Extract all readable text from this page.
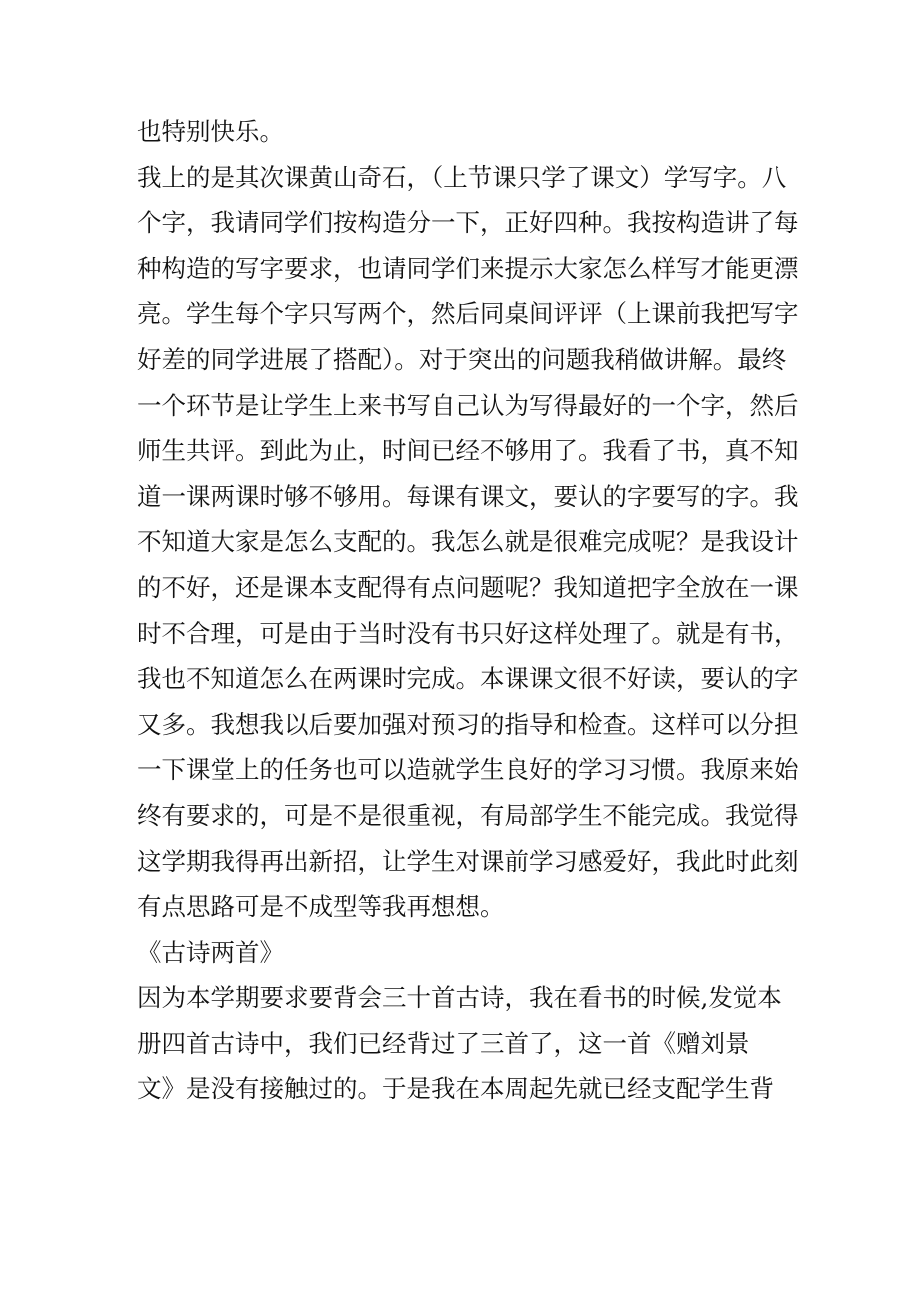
也特别快乐。
我上的是其次课黄山奇石，（上节课只学了课文）学写字。八
个字，我请同学们按构造分一下，正好四种。我按构造讲了每
种构造的写字要求，也请同学们来提示大家怎么样写才能更漂
亮。学生每个字只写两个，然后同桌间评评（上课前我把写字
好差的同学进展了搭配）。对于突出的问题我稍做讲解。最终
一个环节是让学生上来书写自己认为写得最好的一个字，然后
师生共评。到此为止，时间已经不够用了。我看了书，真不知
道一课两课时够不够用。每课有课文，要认的字要写的字。我
不知道大家是怎么支配的。我怎么就是很难完成呢？是我设计
的不好，还是课本支配得有点问题呢？我知道把字全放在一课
时不合理，可是由于当时没有书只好这样处理了。就是有书，
我也不知道怎么在两课时完成。本课课文很不好读，要认的字
又多。我想我以后要加强对预习的指导和检查。这样可以分担
一下课堂上的任务也可以造就学生良好的学习习惯。我原来始
终有要求的，可是不是很重视，有局部学生不能完成。我觉得
这学期我得再出新招，让学生对课前学习感爱好，我此时此刻
有点思路可是不成型等我再想想。
《古诗两首》
因为本学期要求要背会三十首古诗，我在看书的时候,发觉本
册四首古诗中，我们已经背过了三首了，这一首《赠刘景
文》是没有接触过的。于是我在本周起先就已经支配学生背
